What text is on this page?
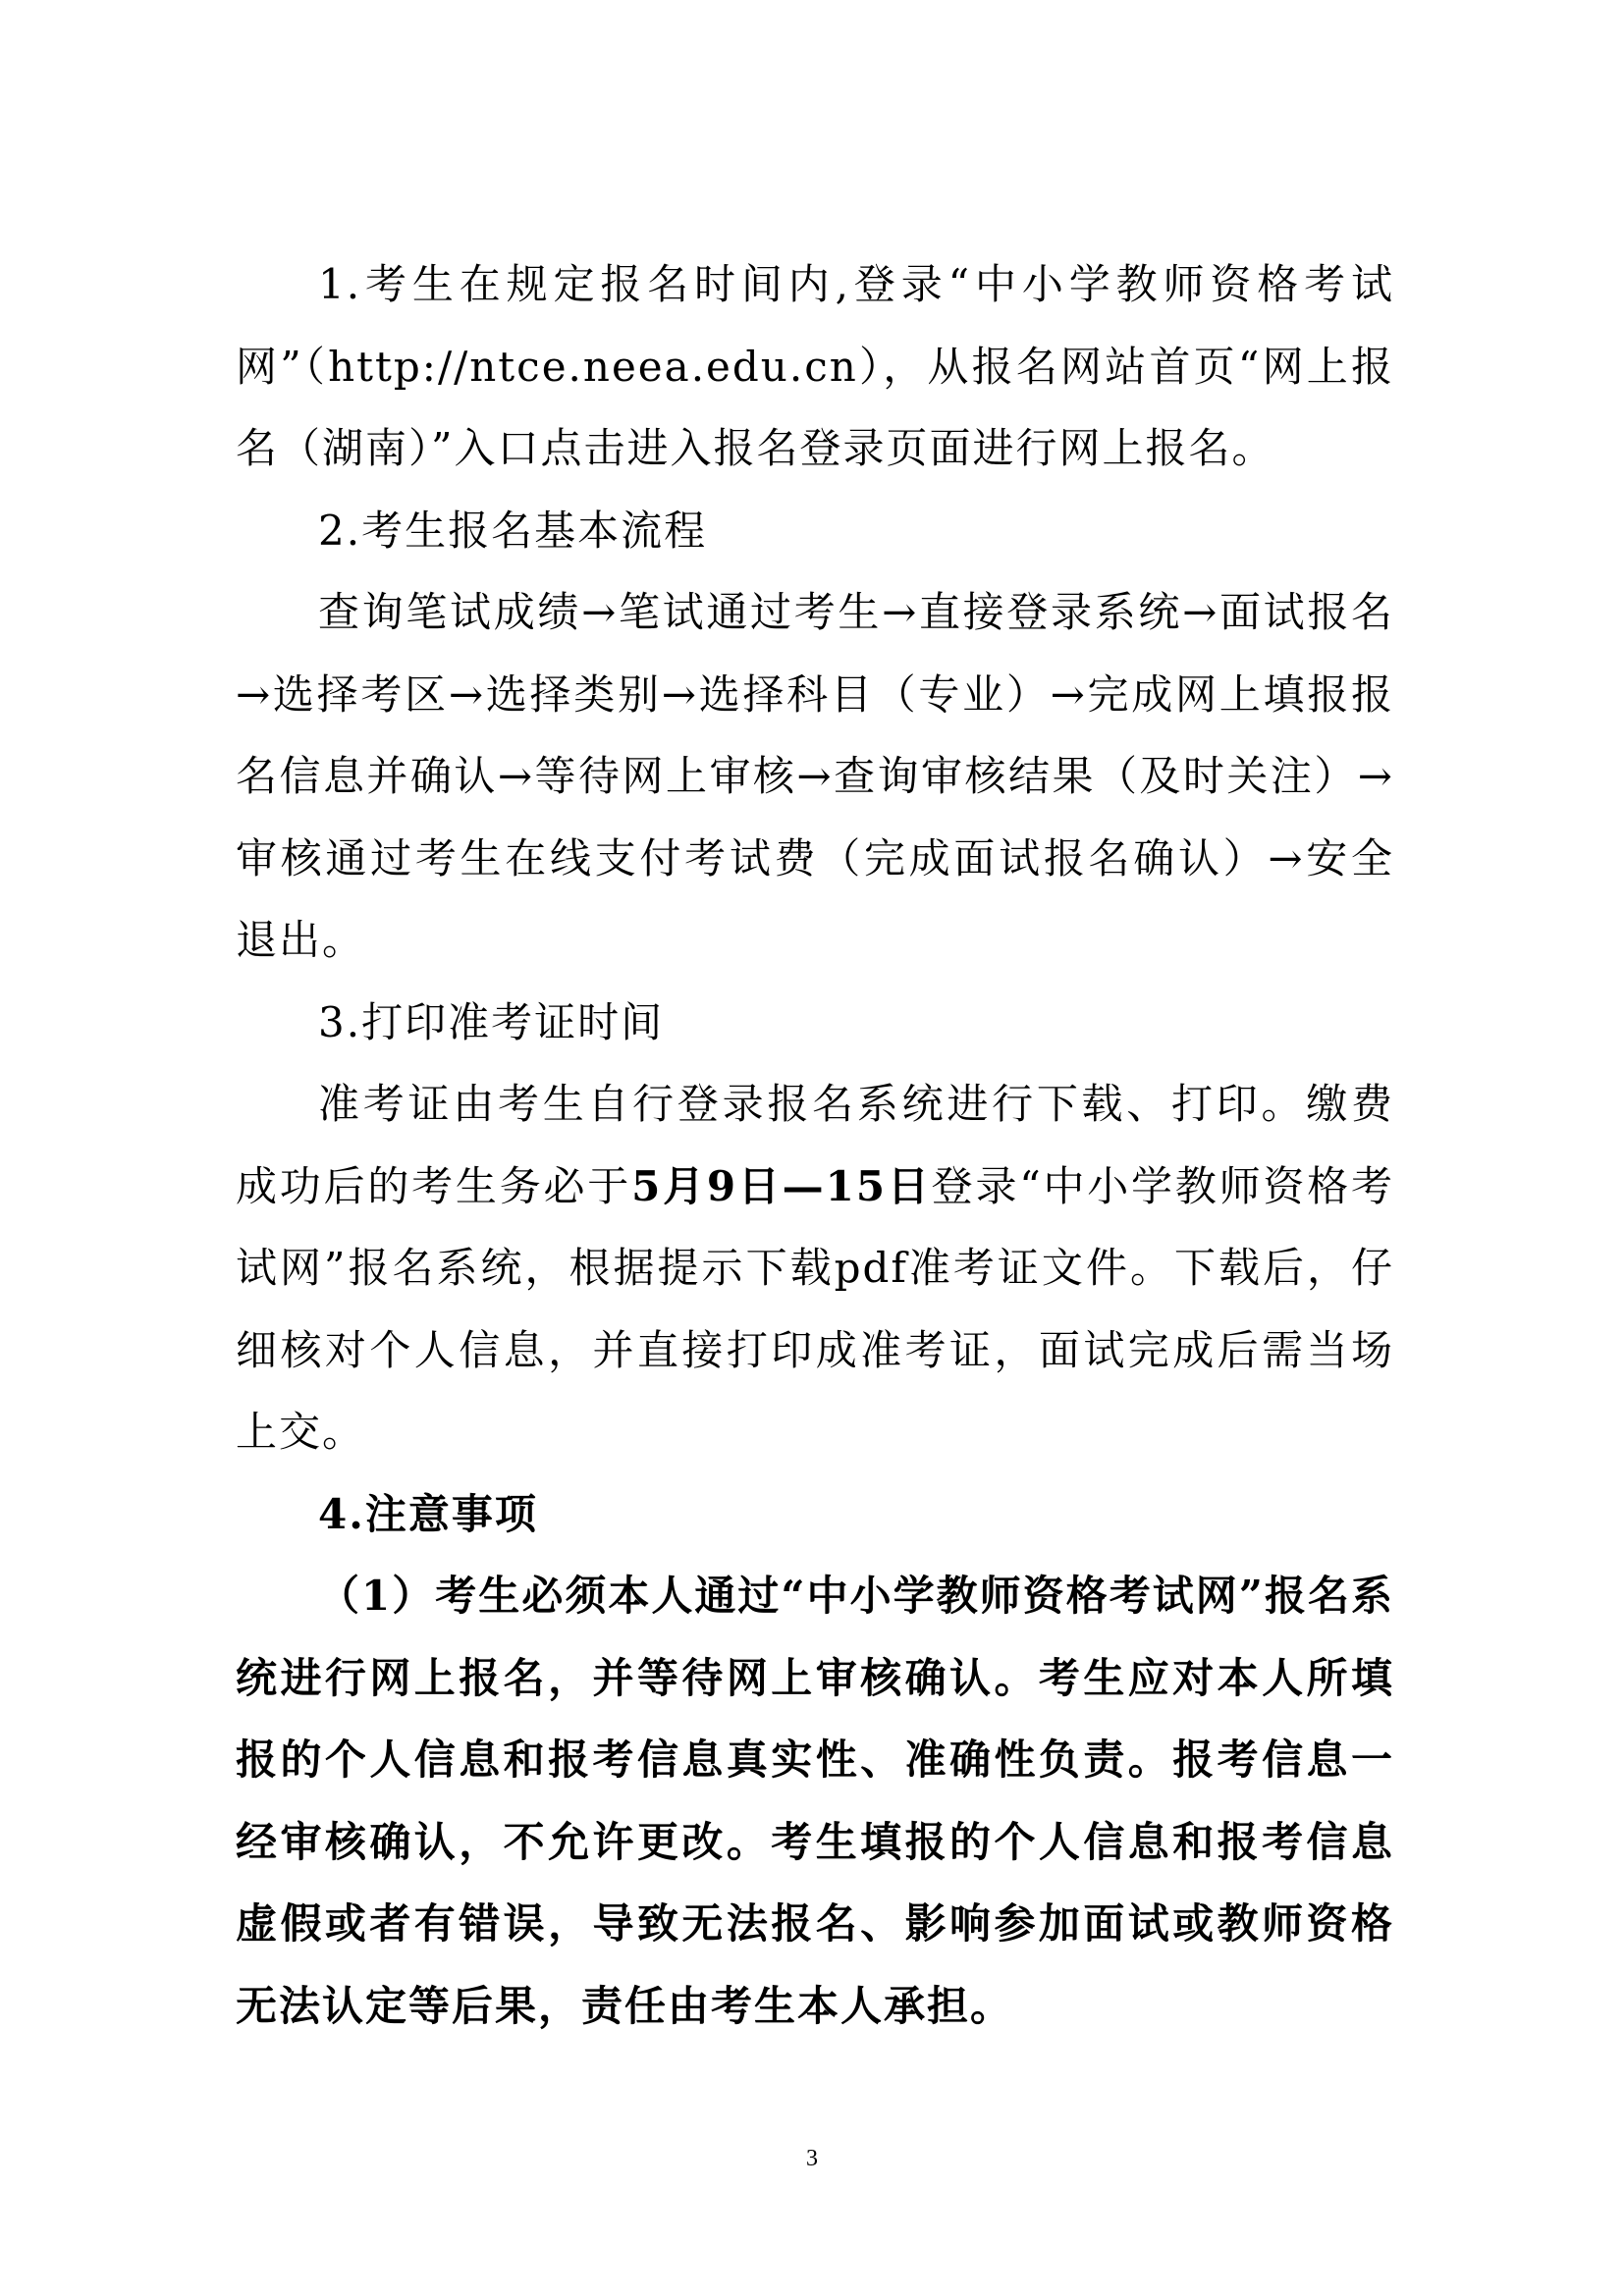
1.考生在规定报名时间内,登录“中小学教师资格考试网”（http://ntce.neea.edu.cn），从报名网站首页“网上报名（湖南）”入口点击进入报名登录页面进行网上报名。

2.考生报名基本流程

查询笔试成绩→笔试通过考生→直接登录系统→面试报名→选择考区→选择类别→选择科目（专业）→完成网上填报报名信息并确认→等待网上审核→查询审核结果（及时关注）→审核通过考生在线支付考试费（完成面试报名确认）→安全退出。

3.打印准考证时间

准考证由考生自行登录报名系统进行下载、打印。缴费成功后的考生务必于5月9日—15日登录“中小学教师资格考试网”报名系统，根据提示下载pdf准考证文件。下载后，仔细核对个人信息，并直接打印成准考证，面试完成后需当场上交。

4.注意事项

（1）考生必须本人通过“中小学教师资格考试网”报名系统进行网上报名，并等待网上审核确认。考生应对本人所填报的个人信息和报考信息真实性、准确性负责。报考信息一经审核确认，不允许更改。考生填报的个人信息和报考信息虚假或者有错误，导致无法报名、影响参加面试或教师资格无法认定等后果，责任由考生本人承担。

3
